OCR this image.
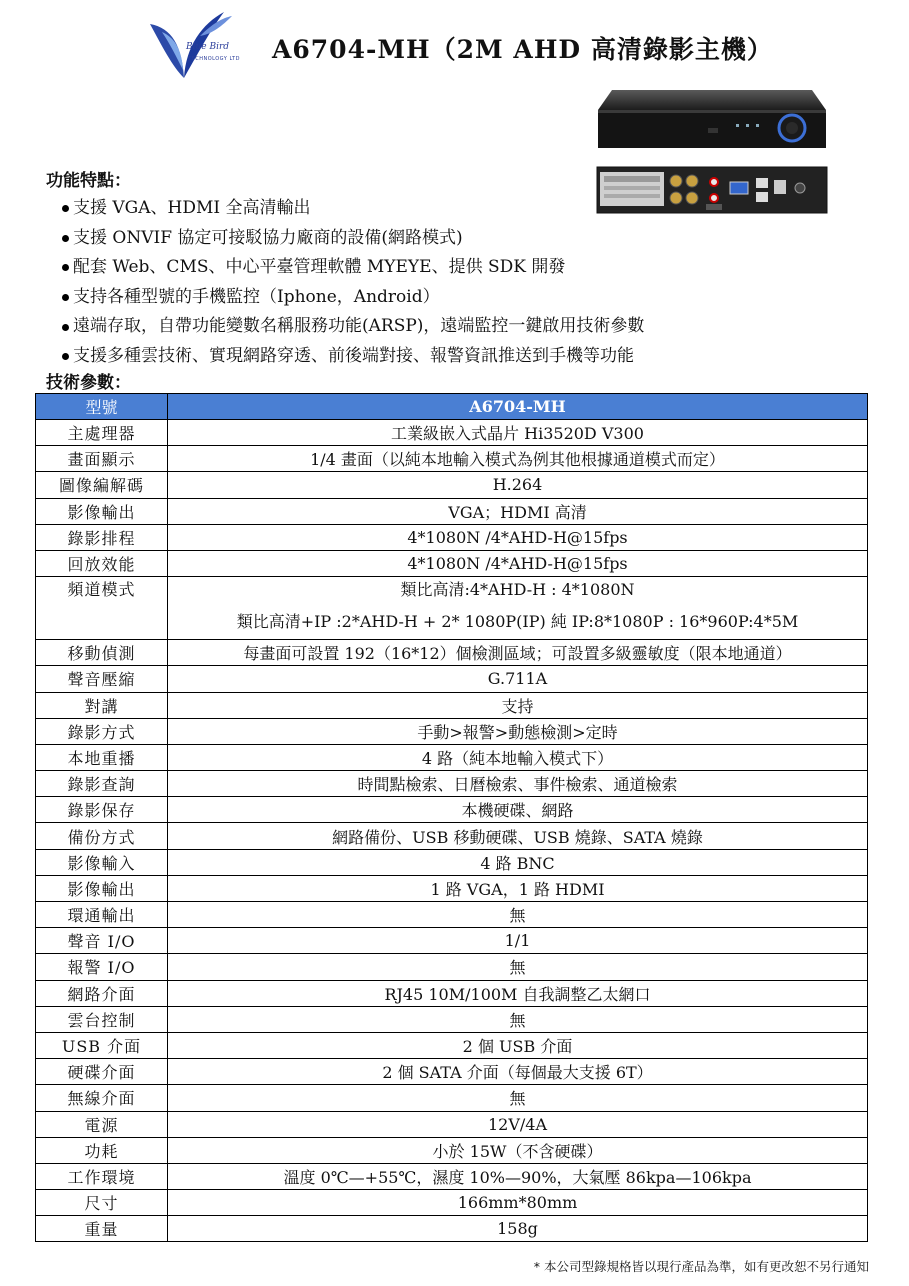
Blue Bird
TECHNOLOGY LTD A6704-MH（2M AHD 高清錄影主機）
功能特點：
支援 VGA、HDMI 全高清輸出
支援 ONVIF 協定可接駁協力廠商的設備(網路模式)
配套 Web、CMS、中心平臺管理軟體 MYEYE、提供 SDK 開發
支持各種型號的手機監控（Iphone，Android）
遠端存取，自帶功能變數名稱服務功能(ARSP)，遠端監控一鍵啟用技術參數
支援多種雲技術、實現網路穿透、前後端對接、報警資訊推送到手機等功能
技術參數：
型號	A6704-MH
主處理器	工業級嵌入式晶片 Hi3520D V300
畫面顯示	1/4 畫面（以純本地輸入模式為例其他根據通道模式而定）
圖像編解碼	H.264
影像輸出	VGA；HDMI 高清
錄影排程	4*1080N /4*AHD-H@15fps
回放效能	4*1080N /4*AHD-H@15fps

頻道模式	類比高清:4*AHD-H : 4*1080N
類比高清+IP :2*AHD-H + 2* 1080P(IP) 純 IP:8*1080P : 16*960P:4*5M

移動偵測	每畫面可設置 192（16*12）個檢測區域；可設置多級靈敏度（限本地通道）
聲音壓縮	G.711A
對講	支持
錄影方式	手動>報警>動態檢測>定時
本地重播	4 路（純本地輸入模式下）
錄影查詢	時間點檢索、日曆檢索、事件檢索、通道檢索
錄影保存	本機硬碟、網路
備份方式	網路備份、USB 移動硬碟、USB 燒錄、SATA 燒錄
影像輸入	4 路 BNC
影像輸出	1 路 VGA，1 路 HDMI
環通輸出	無
聲音 I/O	1/1
報警 I/O	無
網路介面	RJ45 10M/100M 自我調整乙太網口
雲台控制	無
USB 介面	2 個 USB 介面
硬碟介面	2 個 SATA 介面（每個最大支援 6T）
無線介面	無
電源	12V/4A
功耗	小於 15W（不含硬碟）
工作環境	溫度 0℃—+55℃，濕度 10%—90%，大氣壓 86kpa—106kpa
尺寸	166mm*80mm
重量	158g
* 本公司型錄規格皆以現行產品為準，如有更改恕不另行通知
